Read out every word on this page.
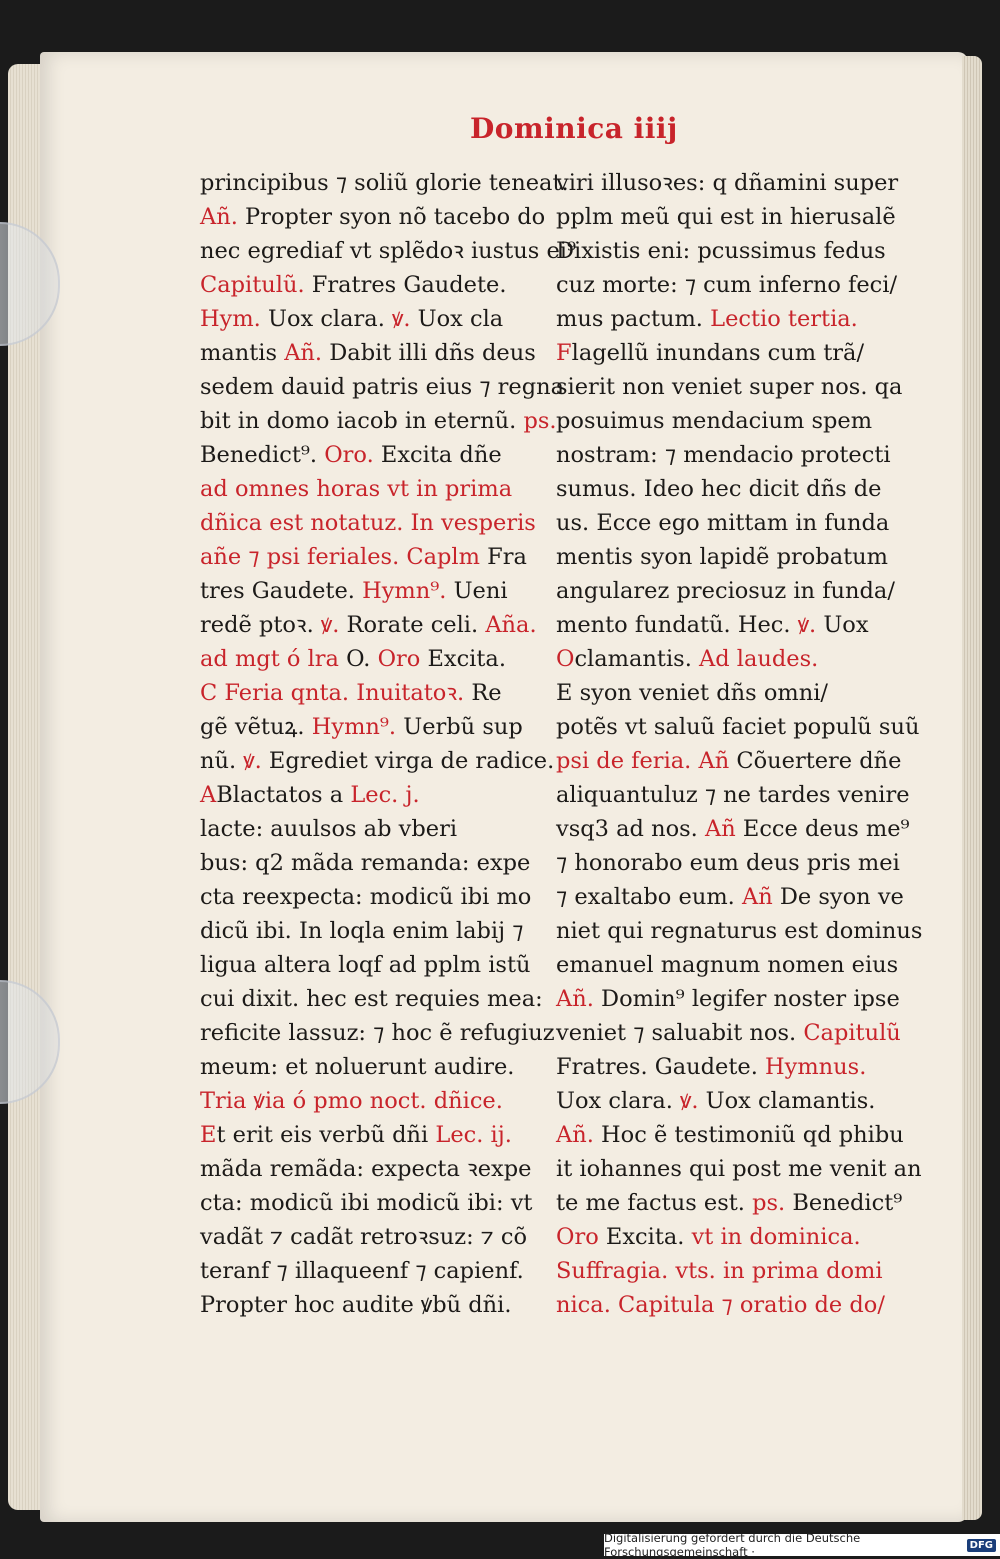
Dominica iiij
principibus ⁊ soliũ glorie teneat.
Añ. Propter syon nõ tacebo do
nec egrediaf vt splẽdoꝛ iustus ei⁹
Capitulũ. Fratres Gaudete.
Hym. Uox clara. ꝟ. Uox cla
mantis Añ. Dabit illi dñs deus
sedem dauid patris eius ⁊ regna
bit in domo iacob in eternũ. ps.
Benedict⁹. Oro. Excita dñe
ad omnes horas vt in prima
dñica est notatuz. In vesperis
añe ⁊ psi feriales. Caplm Fra
tres Gaudete. Hymn⁹. Ueni
redẽ ptoꝛ. ꝟ. Rorate celi. Aña.
ad mgt ó lra O. Oro Excita.
C Feria qnta. Inuitatoꝛ. Re
gẽ vẽtuꝝ. Hymn⁹. Uerbũ sup
nũ. ꝟ. Egrediet virga de radice.
ABlactatos a Lec. j.
lacte: auulsos ab vberi
bus: q2 mãda remanda: expe
cta reexpecta: modicũ ibi mo
dicũ ibi. In loqla enim labij ⁊
ligua altera loqf ad pplm istũ
cui dixit. hec est requies mea:
reficite lassuz: ⁊ hoc ẽ refugiuz
meum: et noluerunt audire.
Tria ꝟia ó pmo noct. dñice.
Et erit eis verbũ dñi Lec. ij.
mãda remãda: expecta ꝛexpe
cta: modicũ ibi modicũ ibi: vt
vadãt ⁊ cadãt retroꝛsuz: ⁊ cõ
teranf ⁊ illaqueenf ⁊ capienf.
Propter hoc audite ꝟbũ dñi.
viri illusoꝛes: q dñamini super
pplm meũ qui est in hierusalẽ
Dixistis eni: pcussimus fedus
cuz morte: ⁊ cum inferno feci/
mus pactum. Lectio tertia.
Flagellũ inundans cum trã/
sierit non veniet super nos. qa
posuimus mendacium spem
nostram: ⁊ mendacio protecti
sumus. Ideo hec dicit dñs de
us. Ecce ego mittam in funda
mentis syon lapidẽ probatum
angularez preciosuz in funda/
mento fundatũ. Hec. ꝟ. Uox
Oclamantis. Ad laudes.
E syon veniet dñs omni/
potẽs vt saluũ faciet populũ suũ
psi de feria. Añ Cõuertere dñe
aliquantuluz ⁊ ne tardes venire
vsq3 ad nos. Añ Ecce deus me⁹
⁊ honorabo eum deus pris mei
⁊ exaltabo eum. Añ De syon ve
niet qui regnaturus est dominus
emanuel magnum nomen eius
Añ. Domin⁹ legifer noster ipse
veniet ⁊ saluabit nos. Capitulũ
Fratres. Gaudete. Hymnus.
Uox clara. ꝟ. Uox clamantis.
Añ. Hoc ẽ testimoniũ qd phibu
it iohannes qui post me venit an
te me factus est. ps. Benedict⁹
Oro Excita. vt in dominica.
Suffragia. vts. in prima domi
nica. Capitula ⁊ oratio de do/
Digitalisierung gefördert durch die Deutsche Forschungsgemeinschaft ·	DFG
